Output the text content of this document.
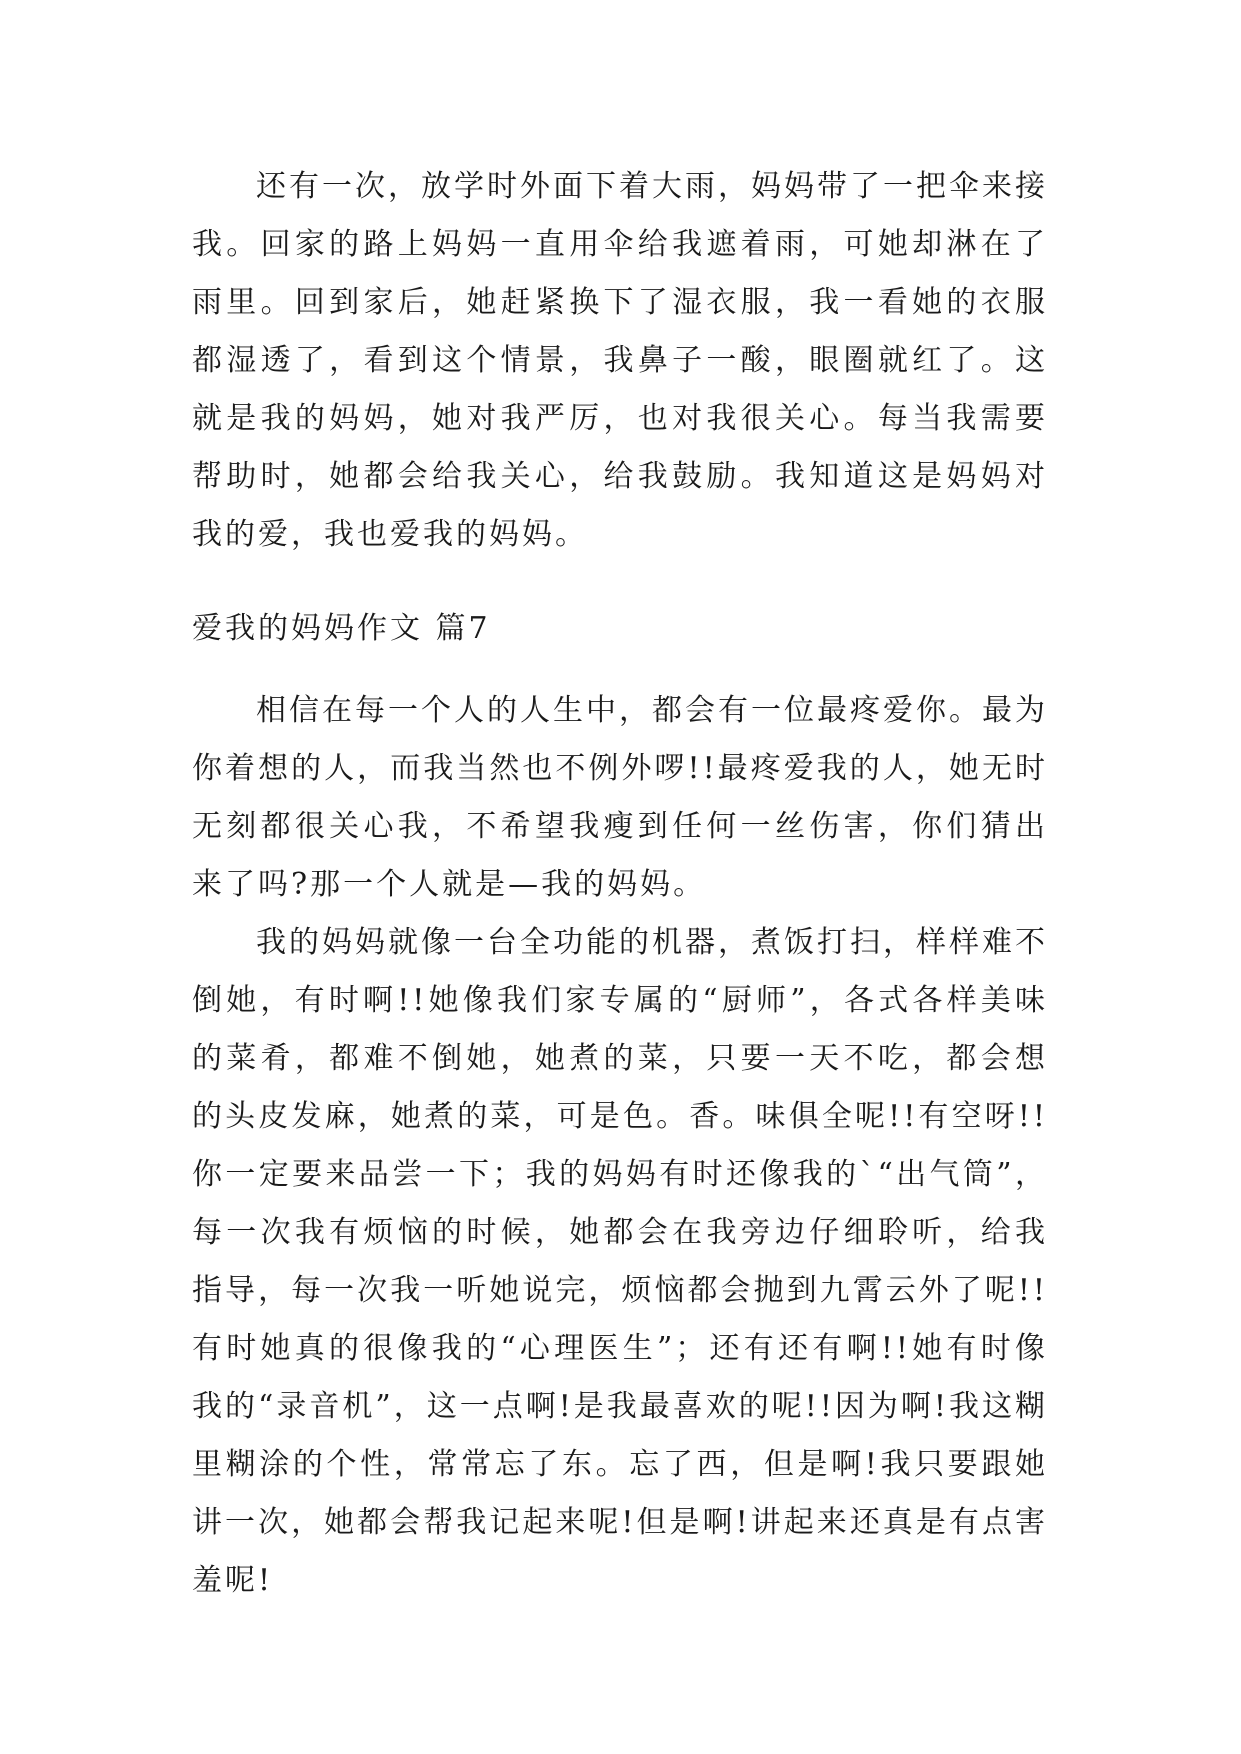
还有一次，放学时外面下着大雨，妈妈带了一把伞来接我。回家的路上妈妈一直用伞给我遮着雨，可她却淋在了雨里。回到家后，她赶紧换下了湿衣服，我一看她的衣服都湿透了，看到这个情景，我鼻子一酸，眼圈就红了。这就是我的妈妈，她对我严厉，也对我很关心。每当我需要帮助时，她都会给我关心，给我鼓励。我知道这是妈妈对我的爱，我也爱我的妈妈。

爱我的妈妈作文 篇7

相信在每一个人的人生中，都会有一位最疼爱你。最为你着想的人，而我当然也不例外啰!!最疼爱我的人，她无时无刻都很关心我，不希望我瘦到任何一丝伤害，你们猜出来了吗?那一个人就是—我的妈妈。

我的妈妈就像一台全功能的机器，煮饭打扫，样样难不倒她，有时啊!!她像我们家专属的“厨师”，各式各样美味的菜肴，都难不倒她，她煮的菜，只要一天不吃，都会想的头皮发麻，她煮的菜，可是色。香。味俱全呢!!有空呀!!你一定要来品尝一下；我的妈妈有时还像我的`“出气筒”，每一次我有烦恼的时候，她都会在我旁边仔细聆听，给我指导，每一次我一听她说完，烦恼都会抛到九霄云外了呢!!有时她真的很像我的“心理医生”；还有还有啊!!她有时像我的“录音机”，这一点啊!是我最喜欢的呢!!因为啊!我这糊里糊涂的个性，常常忘了东。忘了西，但是啊!我只要跟她讲一次，她都会帮我记起来呢!但是啊!讲起来还真是有点害羞呢!
